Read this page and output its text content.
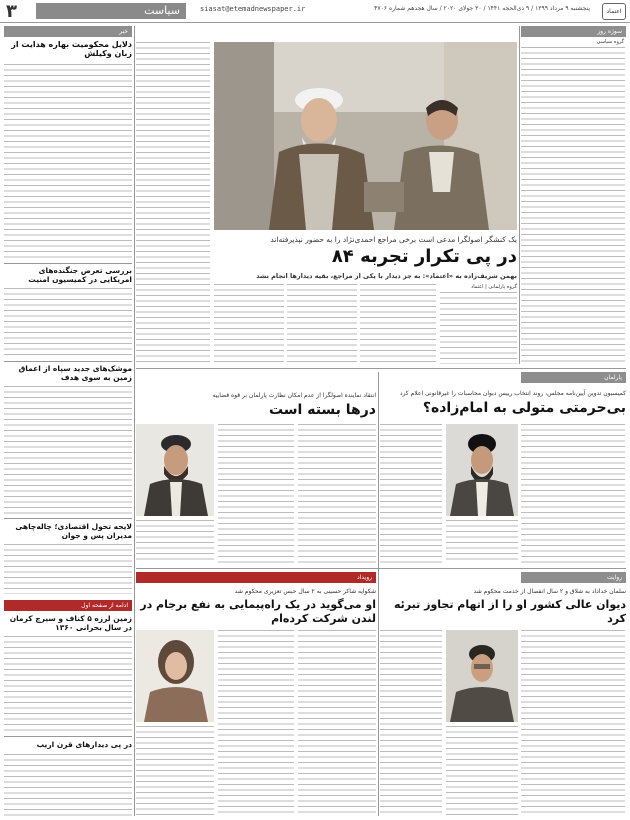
۳	سیاست	siasat@etemadnewspaper.ir	پنجشنبه ۹ مرداد ۱۳۹۹ / ۹ ذی‌الحجه ۱۴۴۱ / ۳۰ جولای ۲۰۲۰ / سال هجدهم شماره ۴۷۰۶	اعتماد
سوژه روز
گروه سیاسی
یک کنشگر اصولگرا مدعی است برخی مراجع احمدی‌نژاد را به حضور نپذیرفته‌اند
در پی تکرار تجربه ۸۴
بهمن شریف‌زاده به «اعتماد»: به جز دیدار با یکی از مراجع، بقیه دیدارها انجام نشد
گروه پارلمانی | اعتماد
خبر
دلایل محکومیت بهاره هدایت از زبان وکیلش
بررسی تعرض جنگنده‌های امریکایی در کمیسیون امنیت
موشک‌های جدید سپاه از اعماق زمین به سوی هدف
لایحه تحول اقتصادی؛ چاله‌چاهی مدیران پس و جوان
ادامه از صفحه اول
زمین لرزه ۵ کناف و سیرچ کرمان در سال بحرانی ۱۳۶۰
در پی دیدارهای قرن اریب
انتقاد نماینده اصولگرا از عدم امکان نظارت پارلمان بر قوه قضاییه
درها بسته است
پارلمان
کمیسیون تدوین آیین‌نامه مجلس، روند انتخاب رییس دیوان محاسبات را غیرقانونی اعلام کرد
بی‌حرمتی متولی به امام‌زاده؟
رویداد	روایت
شکوایه شاکر حسینی به ۲ سال حبس تعزیری محکوم شد
او می‌گوید در یک راه‌پیمایی به نفع برجام در لندن شرکت کرده‌ام
سلمان خداداد به شلاق و ۲ سال انفصال از خدمت محکوم شد
دیوان عالی کشور او را از اتهام تجاوز تبرئه کرد
